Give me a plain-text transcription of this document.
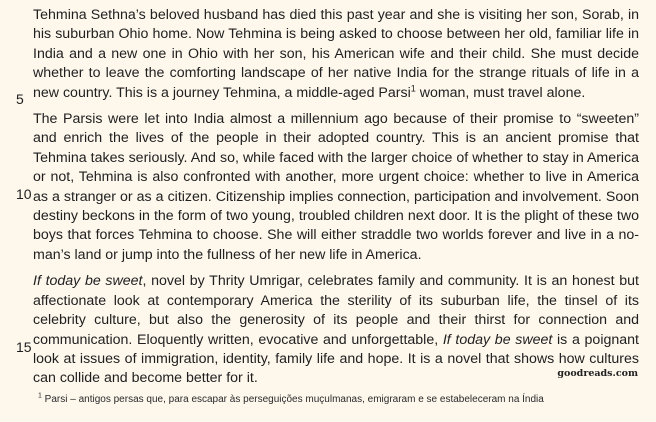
5
10
15

Tehmina Sethna’s beloved husband has died this past year and she is visiting her son, Sorab, in his suburban Ohio home. Now Tehmina is being asked to choose between her old, familiar life in India and a new one in Ohio with her son, his American wife and their child. She must decide whether to leave the comforting landscape of her native India for the strange rituals of life in a new country. This is a journey Tehmina, a middle-aged Parsi$^1$ woman, must travel alone.

The Parsis were let into India almost a millennium ago because of their promise to “sweeten” and enrich the lives of the people in their adopted country. This is an ancient promise that Tehmina takes seriously. And so, while faced with the larger choice of whether to stay in America or not, Tehmina is also confronted with another, more urgent choice: whether to live in America as a stranger or as a citizen. Citizenship implies connection, participation and involvement. Soon destiny beckons in the form of two young, troubled children next door. It is the plight of these two boys that forces Tehmina to choose. She will either straddle two worlds forever and live in a no-man’s land or jump into the fullness of her new life in America.

If today be sweet, novel by Thrity Umrigar, celebrates family and community. It is an honest but affectionate look at contemporary America the sterility of its suburban life, the tinsel of its celebrity culture, but also the generosity of its people and their thirst for connection and communication. Eloquently written, evocative and unforgettable, If today be sweet is a poignant look at issues of immigration, identity, family life and hope. It is a novel that shows how cultures can collide and become better for it.	goodreads.com
$^1$ Parsi – antigos persas que, para escapar às perseguições muçulmanas, emigraram e se estabeleceram na Índia
